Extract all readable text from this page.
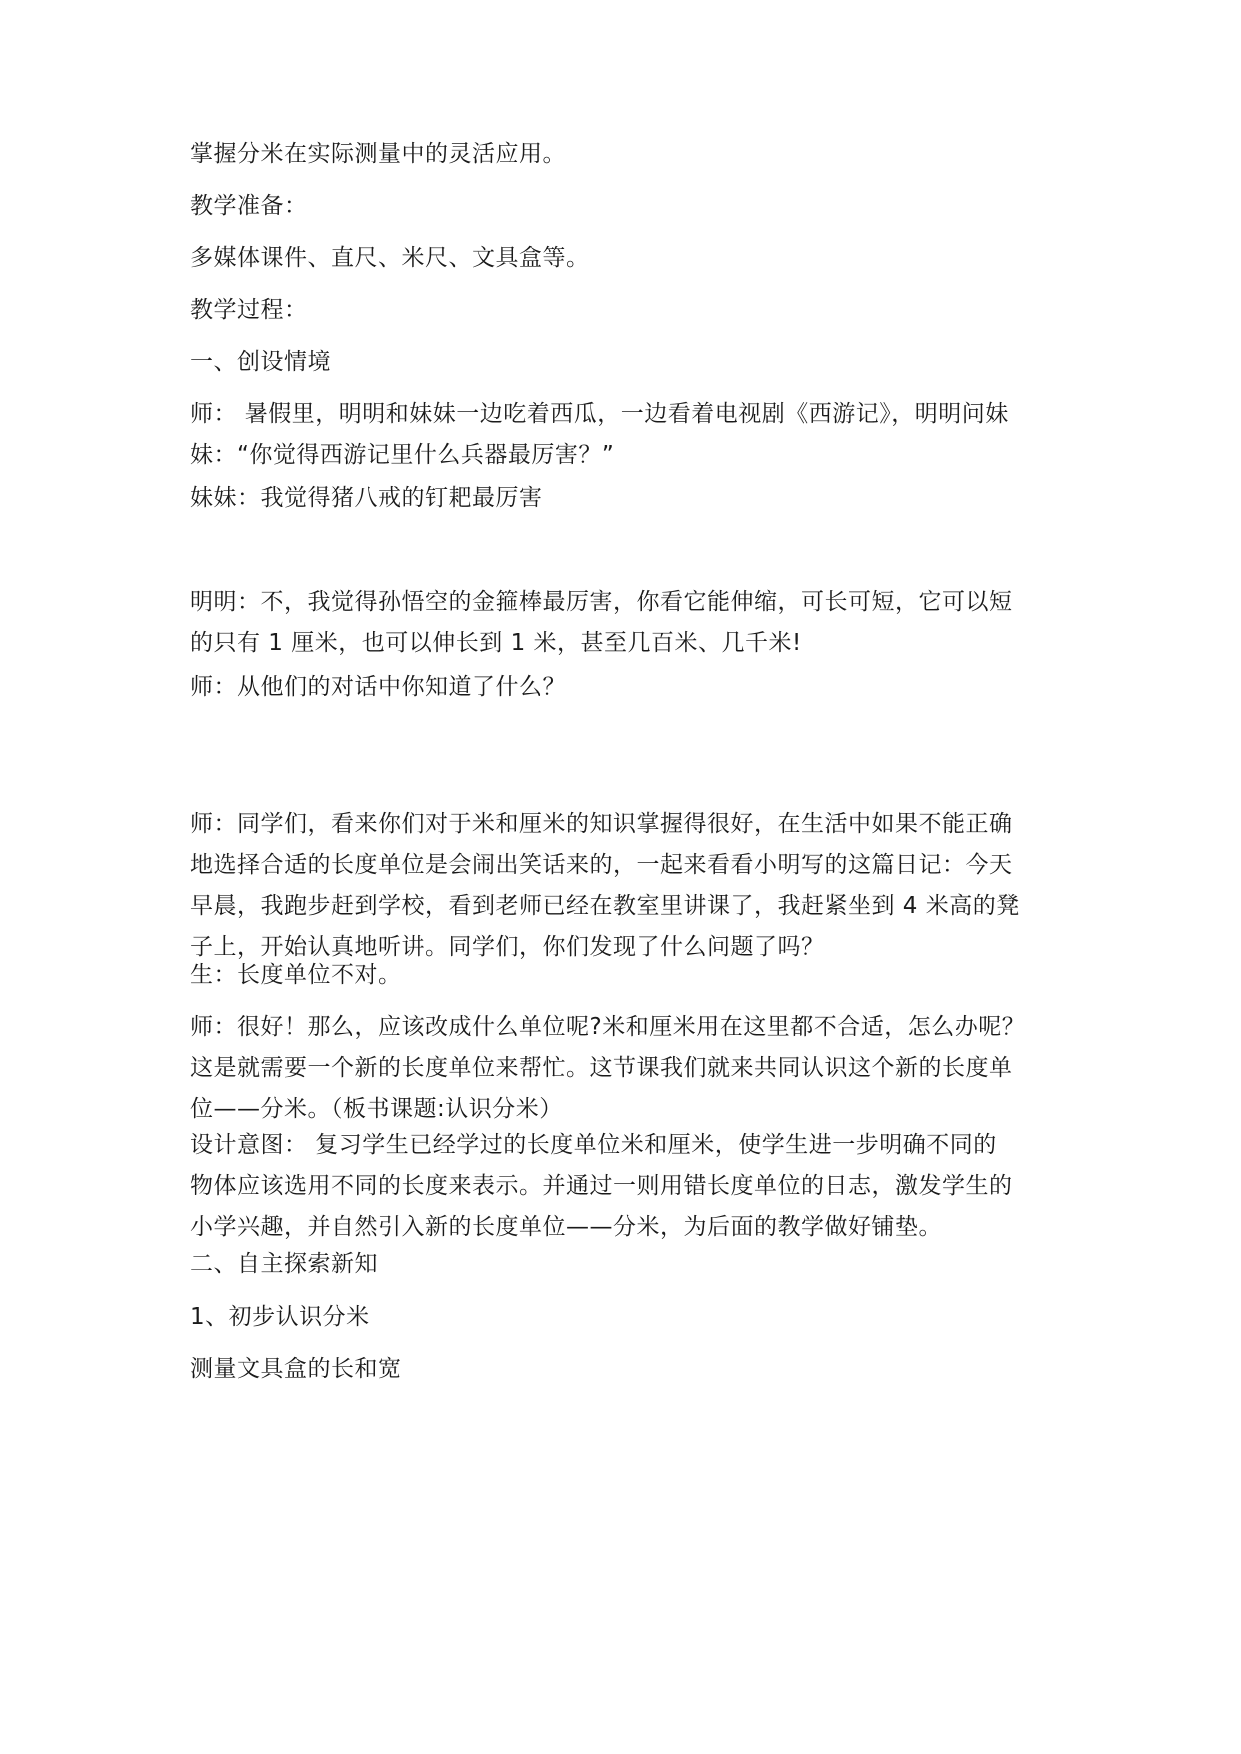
掌握分米在实际测量中的灵活应用。

教学准备：

多媒体课件、直尺、米尺、文具盒等。

教学过程：

一、创设情境

师： 暑假里，明明和妹妹一边吃着西瓜，一边看着电视剧《西游记》，明明问妹
妹：“你觉得西游记里什么兵器最厉害？”

妹妹：我觉得猪八戒的钉耙最厉害

明明：不，我觉得孙悟空的金箍棒最厉害，你看它能伸缩，可长可短，它可以短
的只有 1 厘米，也可以伸长到 1 米，甚至几百米、几千米!

师：从他们的对话中你知道了什么？

师：同学们，看来你们对于米和厘米的知识掌握得很好，在生活中如果不能正确
地选择合适的长度单位是会闹出笑话来的，一起来看看小明写的这篇日记：今天
早晨，我跑步赶到学校，看到老师已经在教室里讲课了，我赶紧坐到 4 米高的凳
子上，开始认真地听讲。同学们，你们发现了什么问题了吗？

生：长度单位不对。

师：很好！那么，应该改成什么单位呢?米和厘米用在这里都不合适，怎么办呢？
这是就需要一个新的长度单位来帮忙。这节课我们就来共同认识这个新的长度单
位——分米。（板书课题:认识分米）

设计意图： 复习学生已经学过的长度单位米和厘米，使学生进一步明确不同的
物体应该选用不同的长度来表示。并通过一则用错长度单位的日志，激发学生的
小学兴趣，并自然引入新的长度单位——分米，为后面的教学做好铺垫。

二、自主探索新知

1、初步认识分米

测量文具盒的长和宽
